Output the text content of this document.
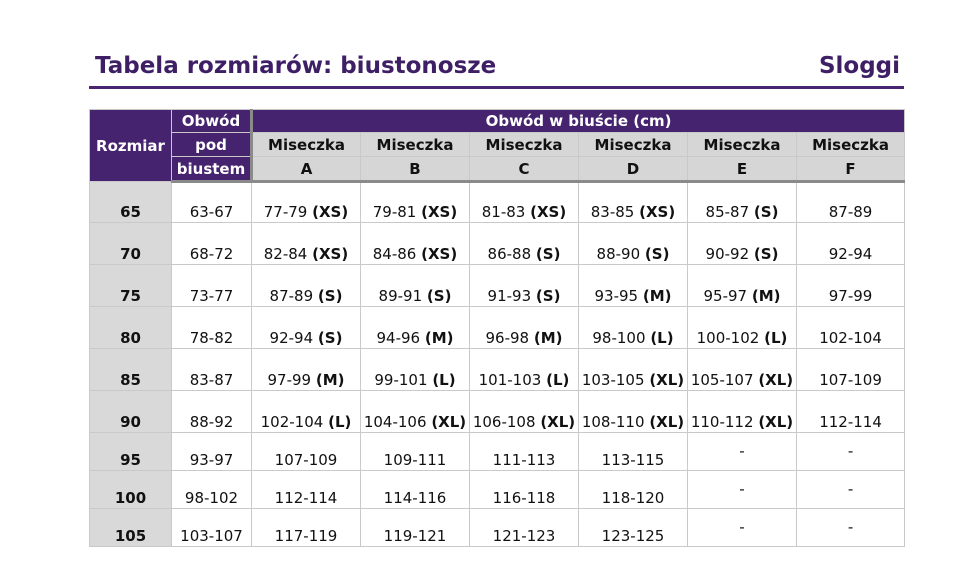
Tabela rozmiarów: biustonosze	Sloggi
Rozmiar	Obwód	Obwód w biuście (cm)					
	pod	Miseczka	Miseczka	Miseczka	Miseczka	Miseczka	Miseczka
	biustem	A	B	C	D	E	F
65	63-67	77-79 (XS)	79-81 (XS)	81-83 (XS)	83-85 (XS)	85-87 (S)	87-89
70	68-72	82-84 (XS)	84-86 (XS)	86-88 (S)	88-90 (S)	90-92 (S)	92-94
75	73-77	87-89 (S)	89-91 (S)	91-93 (S)	93-95 (M)	95-97 (M)	97-99
80	78-82	92-94 (S)	94-96 (M)	96-98 (M)	98-100 (L)	100-102 (L)	102-104
85	83-87	97-99 (M)	99-101 (L)	101-103 (L)	103-105 (XL)	105-107 (XL)	107-109
90	88-92	102-104 (L)	104-106 (XL)	106-108 (XL)	108-110 (XL)	110-112 (XL)	112-114
95	93-97	107-109	109-111	111-113	113-115	-	-
100	98-102	112-114	114-116	116-118	118-120	-	-
105	103-107	117-119	119-121	121-123	123-125	-	-
